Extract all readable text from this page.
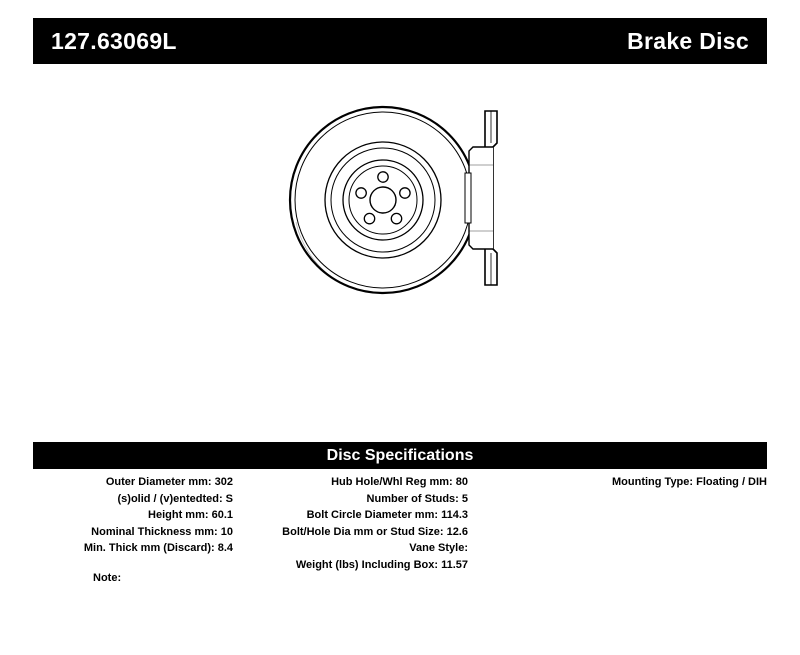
127.63069L	Brake Disc
Disc Specifications
Outer Diameter mm: 302
(s)olid / (v)entedted: S
Height mm: 60.1
Nominal Thickness mm: 10
Min. Thick mm (Discard): 8.4
Hub Hole/Whl Reg mm: 80
Number of Studs: 5
Bolt Circle Diameter mm: 114.3
Bolt/Hole Dia mm or Stud Size: 12.6
Vane Style:
Weight (lbs) Including Box: 11.57
Mounting Type: Floating / DIH
Note:
